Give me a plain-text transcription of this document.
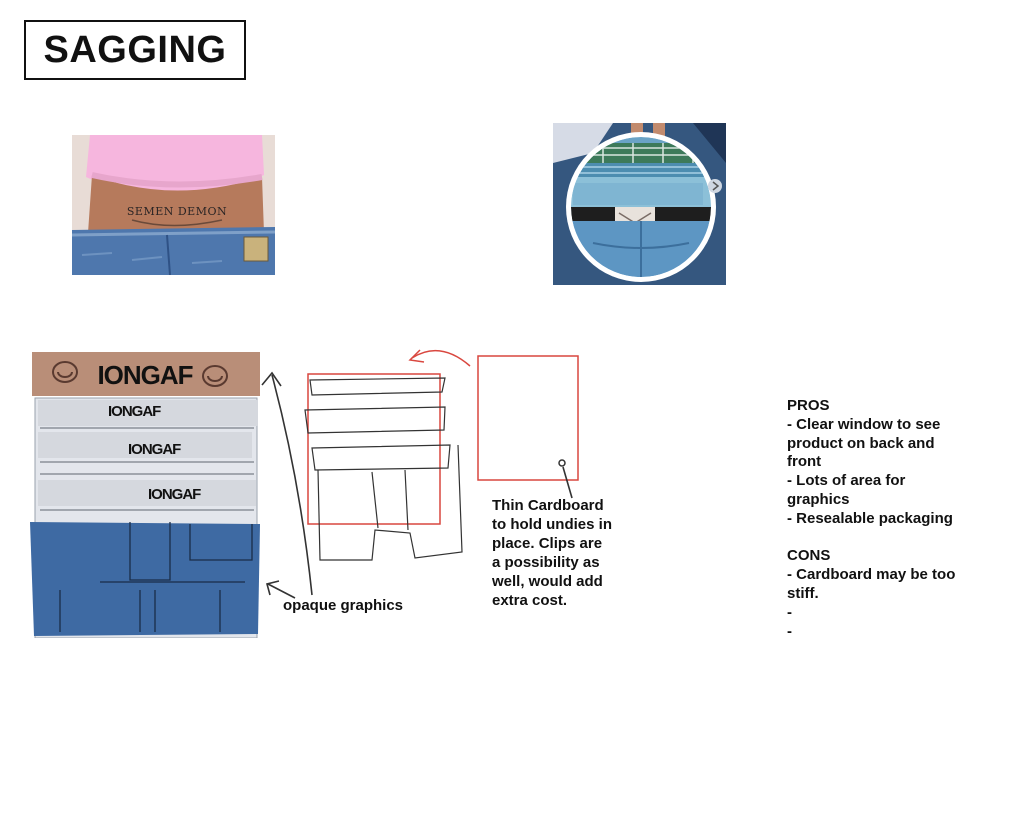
SAGGING
SEMEN DEMON
IONGAF
IONGAF
IONGAF
IONGAF
opaque graphics
Thin Cardboard
to hold undies in
place. Clips are
a possibility as
well, would add
extra cost.
PROS
- Clear window to see
product on back and
front
- Lots of area for
graphics
- Resealable packaging
CONS
- Cardboard may be too
stiff.
-
-
